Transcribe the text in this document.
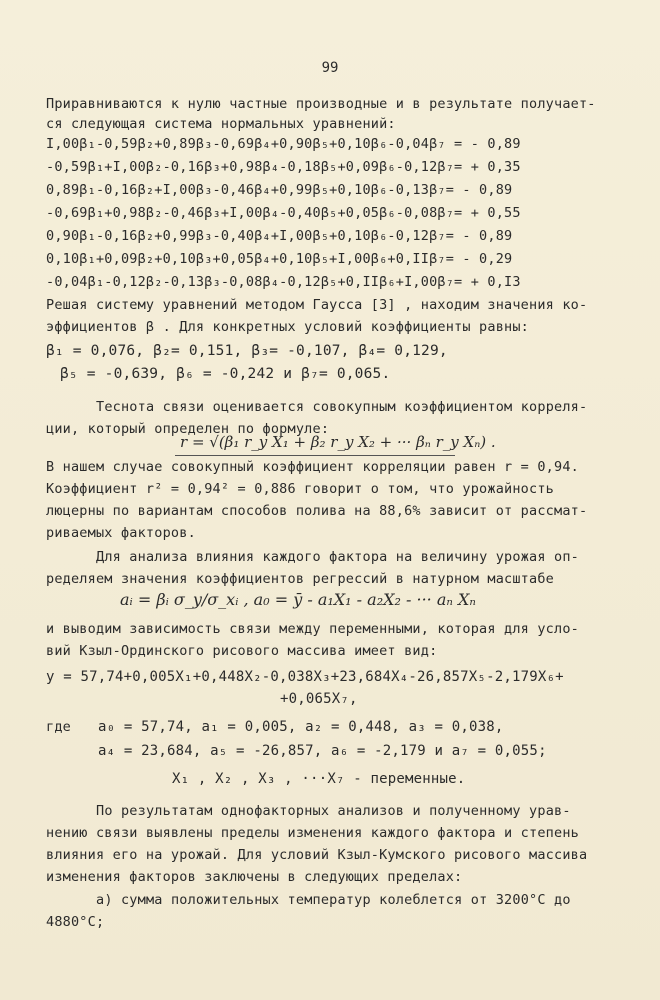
99
Приравниваются к нулю частные производные и в результате получает-
ся следующая система нормальных уравнений:
I,00β₁-0,59β₂+0,89β₃-0,69β₄+0,90β₅+0,10β₆-0,04β₇ = - 0,89
-0,59β₁+I,00β₂-0,16β₃+0,98β₄-0,18β₅+0,09β₆-0,12β₇= + 0,35
0,89β₁-0,16β₂+I,00β₃-0,46β₄+0,99β₅+0,10β₆-0,13β₇= - 0,89
-0,69β₁+0,98β₂-0,46β₃+I,00β₄-0,40β₅+0,05β₆-0,08β₇= + 0,55
0,90β₁-0,16β₂+0,99β₃-0,40β₄+I,00β₅+0,10β₆-0,12β₇= - 0,89
0,10β₁+0,09β₂+0,10β₃+0,05β₄+0,10β₅+I,00β₆+0,IIβ₇= - 0,29
-0,04β₁-0,12β₂-0,13β₃-0,08β₄-0,12β₅+0,IIβ₆+I,00β₇= + 0,I3
Решая систему уравнений методом Гаусса [3] , находим значения ко-
эффициентов β . Для конкретных условий коэффициенты равны:
β₁ = 0,076, β₂= 0,151, β₃= -0,107, β₄= 0,129,
β₅ = -0,639, β₆ = -0,242 и β₇= 0,065.
Теснота связи оценивается совокупным коэффициентом корреля-
ции, который определен по формуле:
r = √(β₁ r_y X₁ + β₂ r_y X₂ + ··· βₙ r_y Xₙ) .
В нашем случае совокупный коэффициент корреляции равен r = 0,94.
Коэффициент r² = 0,94² = 0,886 говорит о том, что урожайность
люцерны по вариантам способов полива на 88,6% зависит от рассмат-
риваемых факторов.
Для анализа влияния каждого фактора на величину урожая оп-
ределяем значения коэффициентов регрессий в натурном масштабе
aᵢ = βᵢ σ_y/σ_xᵢ , a₀ = ȳ - a₁X₁ - a₂X₂ - ··· aₙ Xₙ
и выводим зависимость связи между переменными, которая для усло-
вий Кзыл-Ординского рисового массива имеет вид:
y = 57,74+0,005X₁+0,448X₂-0,038X₃+23,684X₄-26,857X₅-2,179X₆+
+0,065X₇,
где	a₀ = 57,74, a₁ = 0,005, a₂ = 0,448, a₃ = 0,038,
a₄ = 23,684, a₅ = -26,857, a₆ = -2,179 и a₇ = 0,055;
X₁ , X₂ , X₃ , ···X₇ - переменные.
По результатам однофакторных анализов и полученному урав-
нению связи выявлены пределы изменения каждого фактора и степень
влияния его на урожай. Для условий Кзыл-Кумского рисового массива
изменения факторов заключены в следующих пределах:
а) сумма положительных температур колеблется от 3200°С до
4880°С;
